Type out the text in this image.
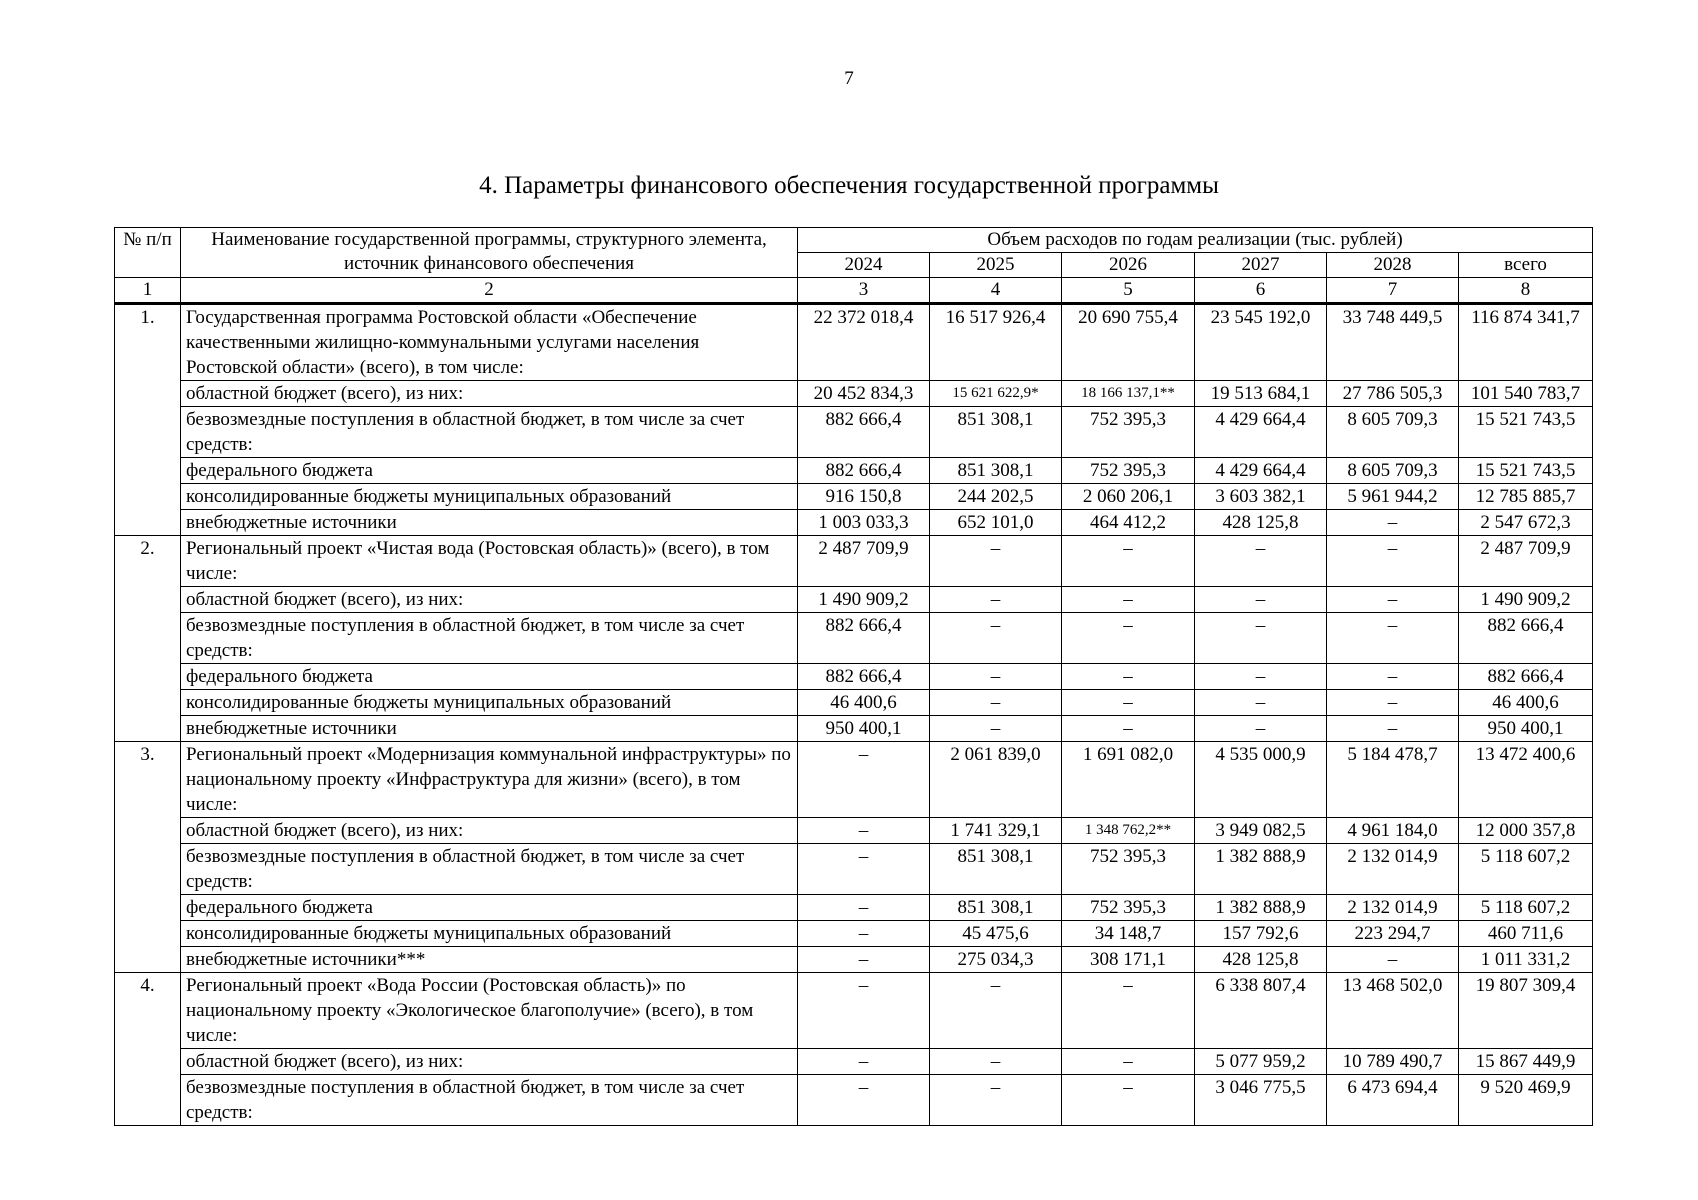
7
4. Параметры финансового обеспечения государственной программы
№ п/п	Наименование государственной программы, структурного элемента, источник финансового обеспечения	Объем расходов по годам реализации (тыс. рублей)					
		2024	2025	2026	2027	2028	всего
1	2	3	4	5	6	7	8
1.	Государственная программа Ростовской области «Обеспечение качественными жилищно-коммунальными услугами населения Ростовской области» (всего), в том числе:	22 372 018,4	16 517 926,4	20 690 755,4	23 545 192,0	33 748 449,5	116 874 341,7
	областной бюджет (всего), из них:	20 452 834,3	15 621 622,9*	18 166 137,1**	19 513 684,1	27 786 505,3	101 540 783,7
	безвозмездные поступления в областной бюджет, в том числе за счет средств:	882 666,4	851 308,1	752 395,3	4 429 664,4	8 605 709,3	15 521 743,5
	федерального бюджета	882 666,4	851 308,1	752 395,3	4 429 664,4	8 605 709,3	15 521 743,5
	консолидированные бюджеты муниципальных образований	916 150,8	244 202,5	2 060 206,1	3 603 382,1	5 961 944,2	12 785 885,7
	внебюджетные источники	1 003 033,3	652 101,0	464 412,2	428 125,8	–	2 547 672,3
2.	Региональный проект «Чистая вода (Ростовская область)» (всего), в том числе:	2 487 709,9	–	–	–	–	2 487 709,9
	областной бюджет (всего), из них:	1 490 909,2	–	–	–	–	1 490 909,2
	безвозмездные поступления в областной бюджет, в том числе за счет средств:	882 666,4	–	–	–	–	882 666,4
	федерального бюджета	882 666,4	–	–	–	–	882 666,4
	консолидированные бюджеты муниципальных образований	46 400,6	–	–	–	–	46 400,6
	внебюджетные источники	950 400,1	–	–	–	–	950 400,1
3.	Региональный проект «Модернизация коммунальной инфраструктуры» по национальному проекту «Инфраструктура для жизни» (всего), в том числе:	–	2 061 839,0	1 691 082,0	4 535 000,9	5 184 478,7	13 472 400,6
	областной бюджет (всего), из них:	–	1 741 329,1	1 348 762,2**	3 949 082,5	4 961 184,0	12 000 357,8
	безвозмездные поступления в областной бюджет, в том числе за счет средств:	–	851 308,1	752 395,3	1 382 888,9	2 132 014,9	5 118 607,2
	федерального бюджета	–	851 308,1	752 395,3	1 382 888,9	2 132 014,9	5 118 607,2
	консолидированные бюджеты муниципальных образований	–	45 475,6	34 148,7	157 792,6	223 294,7	460 711,6
	внебюджетные источники***	–	275 034,3	308 171,1	428 125,8	–	1 011 331,2
4.	Региональный проект «Вода России (Ростовская область)» по национальному проекту «Экологическое благополучие» (всего), в том числе:	–	–	–	6 338 807,4	13 468 502,0	19 807 309,4
	областной бюджет (всего), из них:	–	–	–	5 077 959,2	10 789 490,7	15 867 449,9
	безвозмездные поступления в областной бюджет, в том числе за счет средств:	–	–	–	3 046 775,5	6 473 694,4	9 520 469,9
